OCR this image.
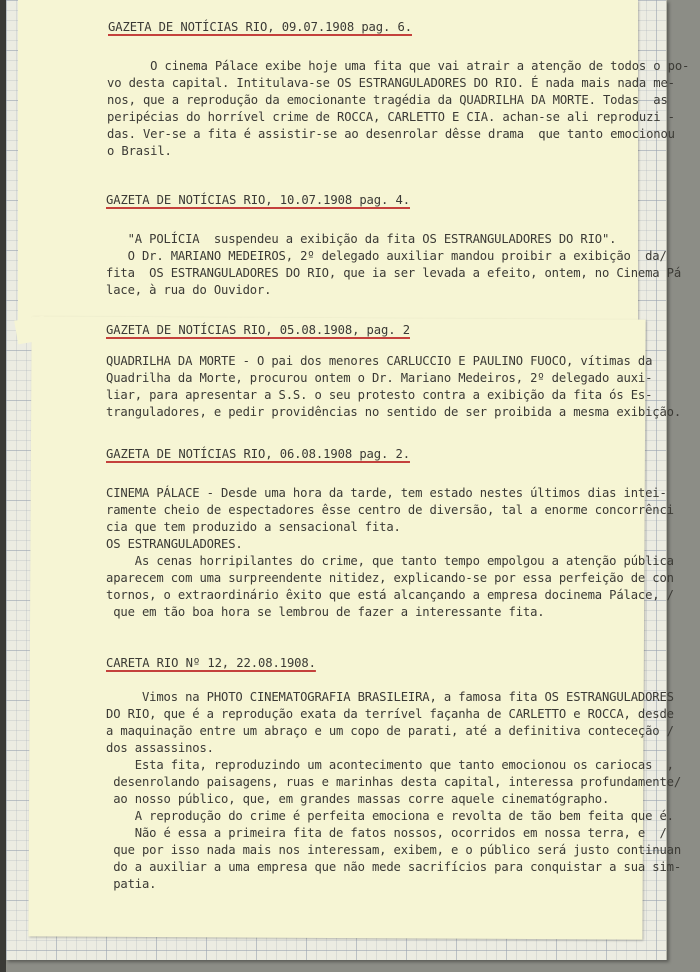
GAZETA DE NOTÍCIAS RIO, 09.07.1908 pag. 6.
O cinema Pálace exibe hoje uma fita que vai atrair a atenção de todos o po-
vo desta capital. Intitulava-se OS ESTRANGULADORES DO RIO. É nada mais nada me-
nos, que a reprodução da emocionante tragédia da QUADRILHA DA MORTE. Todas  as
peripécias do horrível crime de ROCCA, CARLETTO E CIA. achan-se ali reproduzi -
das. Ver-se a fita é assistir-se ao desenrolar dêsse drama  que tanto emocionou
o Brasil.
GAZETA DE NOTÍCIAS RIO, 10.07.1908 pag. 4.
"A POLÍCIA  suspendeu a exibição da fita OS ESTRANGULADORES DO RIO".
O Dr. MARIANO MEDEIROS, 2º delegado auxiliar mandou proibir a exibição  da/
fita  OS ESTRANGULADORES DO RIO, que ia ser levada a efeito, ontem, no Cinema Pá
lace, à rua do Ouvidor.
GAZETA DE NOTÍCIAS RIO, 05.08.1908, pag. 2
QUADRILHA DA MORTE - O pai dos menores CARLUCCIO E PAULINO FUOCO, vítimas da
Quadrilha da Morte, procurou ontem o Dr. Mariano Medeiros, 2º delegado auxi-
liar, para apresentar a S.S. o seu protesto contra a exibição da fita ós Es-
tranguladores, e pedir providências no sentido de ser proibida a mesma exibição.
GAZETA DE NOTÍCIAS RIO, 06.08.1908 pag. 2.
CINEMA PÁLACE - Desde uma hora da tarde, tem estado nestes últimos dias intei-
ramente cheio de espectadores êsse centro de diversão, tal a enorme concorrênci
cia que tem produzido a sensacional fita.
OS ESTRANGULADORES.
As cenas horripilantes do crime, que tanto tempo empolgou a atenção pública
aparecem com uma surpreendente nitidez, explicando-se por essa perfeição de con
tornos, o extraordinário êxito que está alcançando a empresa docinema Pálace, /
que em tão boa hora se lembrou de fazer a interessante fita.
CARETA RIO Nº 12, 22.08.1908.
Vimos na PHOTO CINEMATOGRAFIA BRASILEIRA, a famosa fita OS ESTRANGULADORES
DO RIO, que é a reprodução exata da terrível façanha de CARLETTO e ROCCA, desde
a maquinação entre um abraço e um copo de parati, até a definitiva conteceção /
dos assassinos.
Esta fita, reproduzindo um acontecimento que tanto emocionou os cariocas  ,
desenrolando paisagens, ruas e marinhas desta capital, interessa profundamente/
ao nosso público, que, em grandes massas corre aquele cinematógrapho.
A reprodução do crime é perfeita emociona e revolta de tão bem feita que é.
Não é essa a primeira fita de fatos nossos, ocorridos em nossa terra, e  /
que por isso nada mais nos interessam, exibem, e o público será justo continuan
do a auxiliar a uma empresa que não mede sacrifícios para conquistar a sua sim-
patia.
